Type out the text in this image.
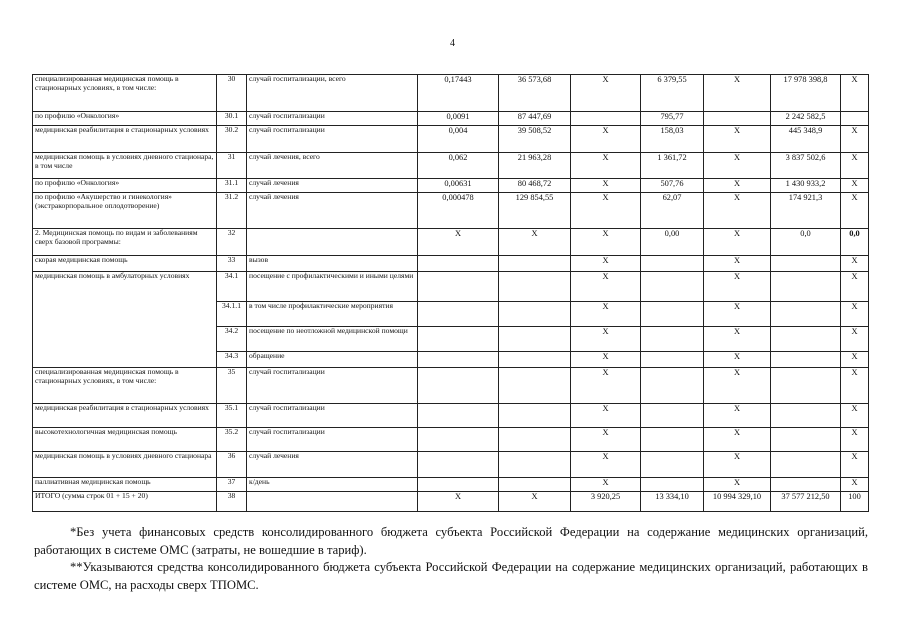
4
специализированная медицинская помощь в стационарных условиях, в том числе:	30	случай госпитализации, всего	0,17443	36 573,68	X	6 379,55	X	17 978 398,8	X
по профилю «Онкология»	30.1	случай госпитализации	0,0091	87 447,69		795,77		2 242 582,5	
медицинская реабилитация в стационарных условиях	30.2	случай госпитализации	0,004	39 508,52	X	158,03	X	445 348,9	X
медицинская помощь в условиях дневного стационара, в том числе	31	случай лечения, всего	0,062	21 963,28	X	1 361,72	X	3 837 502,6	X
по профилю «Онкология»	31.1	случай лечения	0,00631	80 468,72	X	507,76	X	1 430 933,2	X
по профилю «Акушерство и гинекология» (экстракорпоральное оплодотворение)	31.2	случай лечения	0,000478	129 854,55	X	62,07	X	174 921,3	X
2. Медицинская помощь по видам и заболеваниям сверх базовой программы:	32		X	X	X	0,00	X	0,0	0,0
скорая медицинская помощь	33	вызов			X		X		X
медицинская помощь в амбулаторных условиях	34.1	посещение с профилактическими и иными целями			X		X		X
	34.1.1	в том числе профилактические мероприятия			X		X		X
	34.2	посещение по неотложной медицинской помощи			X		X		X
	34.3	обращение			X		X		X
специализированная медицинская помощь в стационарных условиях, в том числе:	35	случай госпитализации			X		X		X
медицинская реабилитация в стационарных условиях	35.1	случай госпитализации			X		X		X
высокотехнологичная медицинская помощь	35.2	случай госпитализации			X		X		X
медицинская помощь в условиях дневного стационара	36	случай лечения			X		X		X
паллиативная медицинская помощь	37	к/день			X		X		X
ИТОГО (сумма строк 01 + 15 + 20)	38		X	X	3 920,25	13 334,10	10 994 329,10	37 577 212,50	100

*Без учета финансовых средств консолидированного бюджета субъекта Российской Федерации на содержание медицинских организаций, работающих в системе ОМС (затраты, не вошедшие в тариф).

**Указываются средства консолидированного бюджета субъекта Российской Федерации на содержание медицинских организаций, работающих в системе ОМС, на расходы сверх ТПОМС.
